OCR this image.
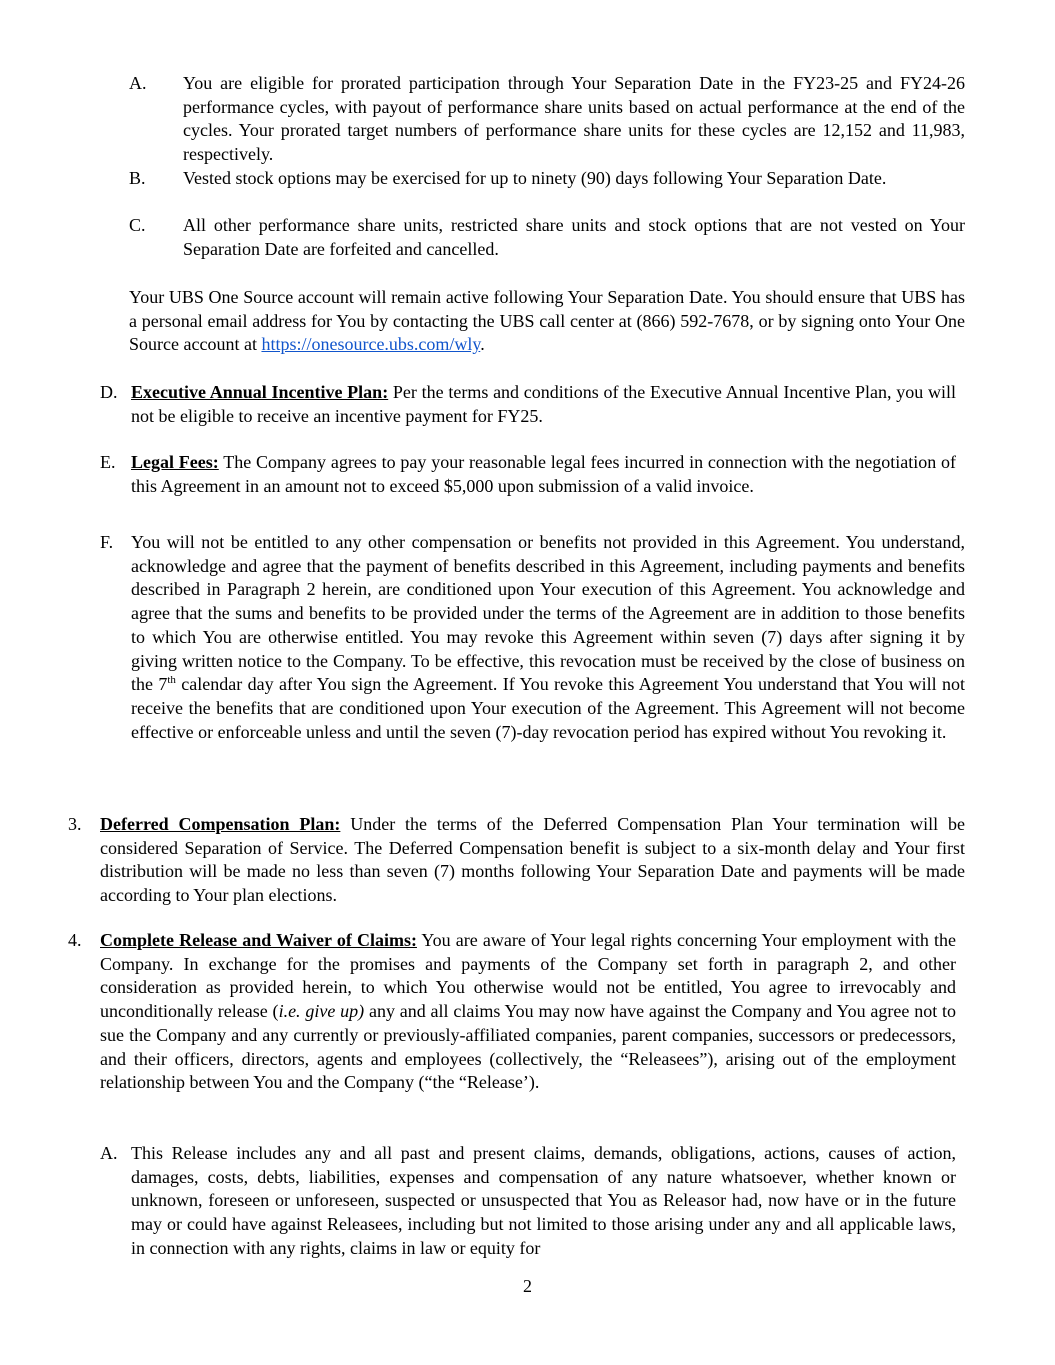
A. You are eligible for prorated participation through Your Separation Date in the FY23-25 and FY24-26 performance cycles, with payout of performance share units based on actual performance at the end of the cycles. Your prorated target numbers of performance share units for these cycles are 12,152 and 11,983, respectively.

B. Vested stock options may be exercised for up to ninety (90) days following Your Separation Date.

C. All other performance share units, restricted share units and stock options that are not vested on Your Separation Date are forfeited and cancelled.

Your UBS One Source account will remain active following Your Separation Date. You should ensure that UBS has a personal email address for You by contacting the UBS call center at (866) 592-7678, or by signing onto Your One Source account at https://onesource.ubs.com/wly.

D. Executive Annual Incentive Plan: Per the terms and conditions of the Executive Annual Incentive Plan, you will not be eligible to receive an incentive payment for FY25.

E. Legal Fees: The Company agrees to pay your reasonable legal fees incurred in connection with the negotiation of this Agreement in an amount not to exceed $5,000 upon submission of a valid invoice.

F. You will not be entitled to any other compensation or benefits not provided in this Agreement. You understand, acknowledge and agree that the payment of benefits described in this Agreement, including payments and benefits described in Paragraph 2 herein, are conditioned upon Your execution of this Agreement. You acknowledge and agree that the sums and benefits to be provided under the terms of the Agreement are in addition to those benefits to which You are otherwise entitled. You may revoke this Agreement within seven (7) days after signing it by giving written notice to the Company. To be effective, this revocation must be received by the close of business on the 7th calendar day after You sign the Agreement. If You revoke this Agreement You understand that You will not receive the benefits that are conditioned upon Your execution of the Agreement. This Agreement will not become effective or enforceable unless and until the seven (7)-day revocation period has expired without You revoking it.

3. Deferred Compensation Plan: Under the terms of the Deferred Compensation Plan Your termination will be considered Separation of Service. The Deferred Compensation benefit is subject to a six-month delay and Your first distribution will be made no less than seven (7) months following Your Separation Date and payments will be made according to Your plan elections.

4. Complete Release and Waiver of Claims: You are aware of Your legal rights concerning Your employment with the Company. In exchange for the promises and payments of the Company set forth in paragraph 2, and other consideration as provided herein, to which You otherwise would not be entitled, You agree to irrevocably and unconditionally release (i.e. give up) any and all claims You may now have against the Company and You agree not to sue the Company and any currently or previously-affiliated companies, parent companies, successors or predecessors, and their officers, directors, agents and employees (collectively, the “Releasees”), arising out of the employment relationship between You and the Company (“the “Release’).

A. This Release includes any and all past and present claims, demands, obligations, actions, causes of action, damages, costs, debts, liabilities, expenses and compensation of any nature whatsoever, whether known or unknown, foreseen or unforeseen, suspected or unsuspected that You as Releasor had, now have or in the future may or could have against Releasees, including but not limited to those arising under any and all applicable laws, in connection with any rights, claims in law or equity for

2
